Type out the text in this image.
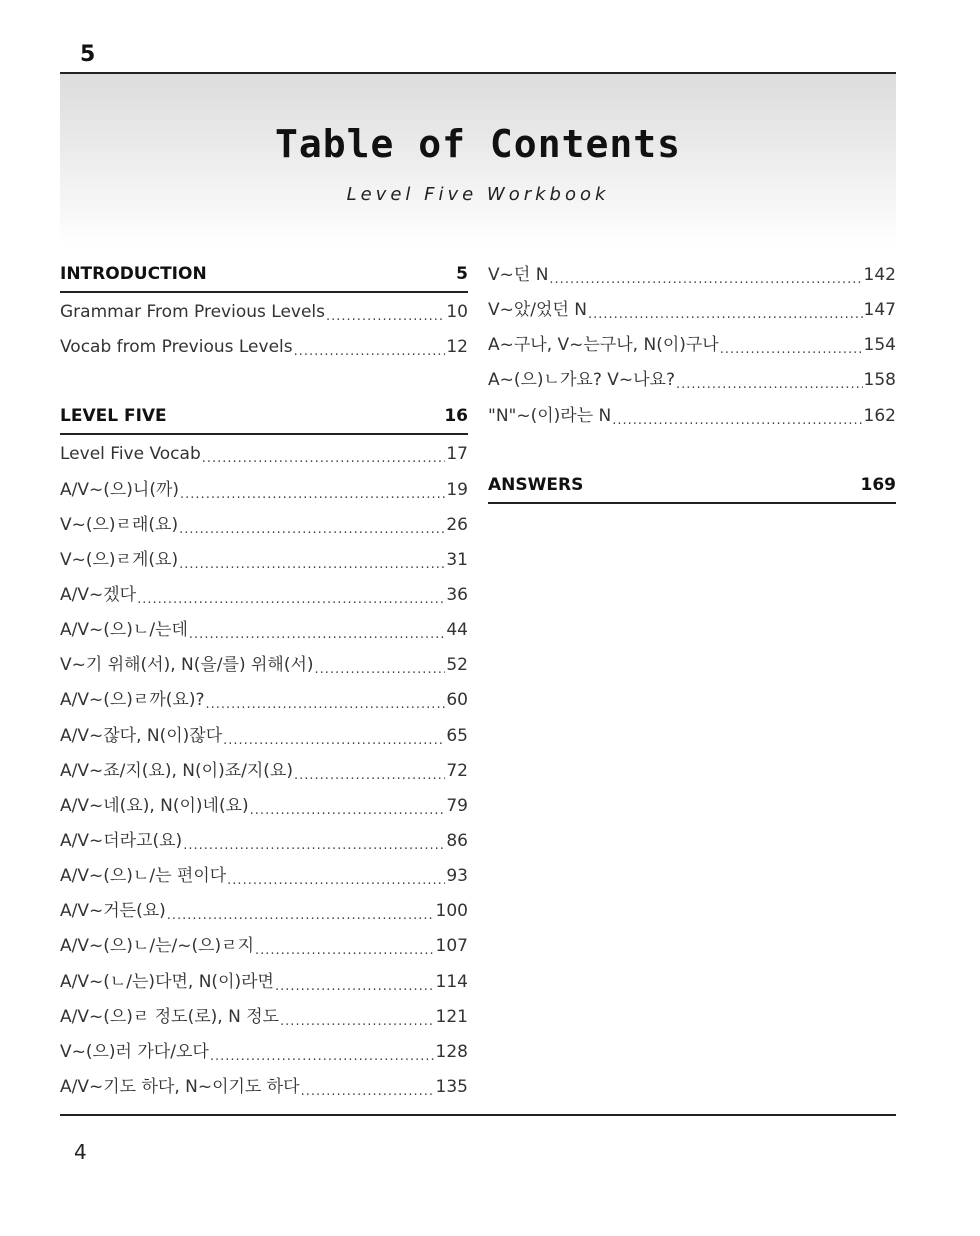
5
Table of Contents
Level Five Workbook
INTRODUCTION	5
Grammar From Previous Levels .....	10
Vocab from Previous Levels .....	12
LEVEL FIVE	16
Level Five Vocab .....	17
A/V~(으)니(까) .....	19
V~(으)ㄹ래(요) .....	26
V~(으)ㄹ게(요) .....	31
A/V~겠다 .....	36
A/V~(으)ㄴ/는데 .....	44
V~기 위해(서), N(을/를) 위해(서) .....	52
A/V~(으)ㄹ까(요)? .....	60
A/V~잖다, N(이)잖다 .....	65
A/V~죠/지(요), N(이)죠/지(요) .....	72
A/V~네(요), N(이)네(요) .....	79
A/V~더라고(요) .....	86
A/V~(으)ㄴ/는 편이다 .....	93
A/V~거든(요) .....	100
A/V~(으)ㄴ/는/~(으)ㄹ지 .....	107
A/V~(ㄴ/는)다면, N(이)라면 .....	114
A/V~(으)ㄹ 정도(로), N 정도 .....	121
V~(으)러 가다/오다 .....	128
A/V~기도 하다, N~이기도 하다 .....	135
V~던 N .....	142
V~았/었던 N .....	147
A~구나, V~는구나, N(이)구나 .....	154
A~(으)ㄴ가요? V~나요? .....	158
"N"~(이)라는 N .....	162
ANSWERS	169
4
